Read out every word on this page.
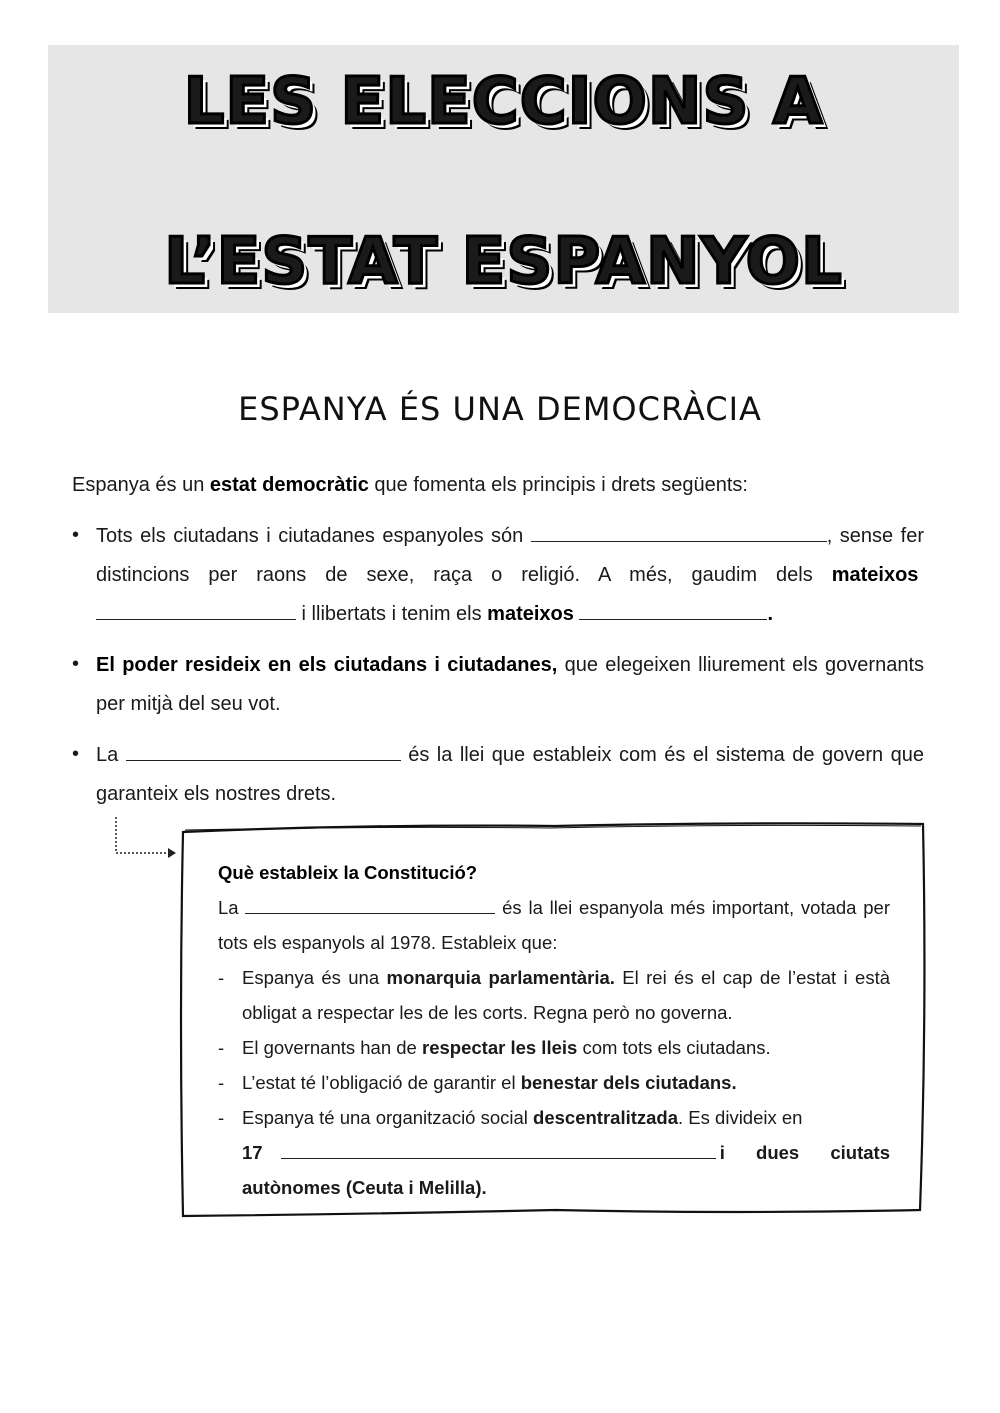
LES ELECCIONS A
L’ESTAT ESPANYOL
ESPANYA ÉS UNA DEMOCRÀCIA
Espanya és un estat democràtic que fomenta els principis i drets següents:
• Tots els ciutadans i ciutadanes espanyoles són	, sense fer distincions per raons de sexe, raça o religió. A més, gaudim dels mateixos  i llibertats i tenim els mateixos	.
• El poder resideix en els ciutadans i ciutadanes, que elegeixen lliurement els governants per mitjà del seu vot.
• La	és la llei que estableix com és el sistema de govern que garanteix els nostres drets.
Què estableix la Constitució?
La	és la llei espanyola més important, votada per tots els espanyols al 1978. Estableix que:
- Espanya és una monarquia parlamentària. El rei és el cap de l’estat i està obligat a respectar les de les corts. Regna però no governa.
- El governants han de respectar les lleis com tots els ciutadans.
- L’estat té l’obligació de garantir el benestar dels ciutadans.
- Espanya té una organització social descentralitzada. Es divideix en
17	i dues ciutats
autònomes (Ceuta i Melilla).
